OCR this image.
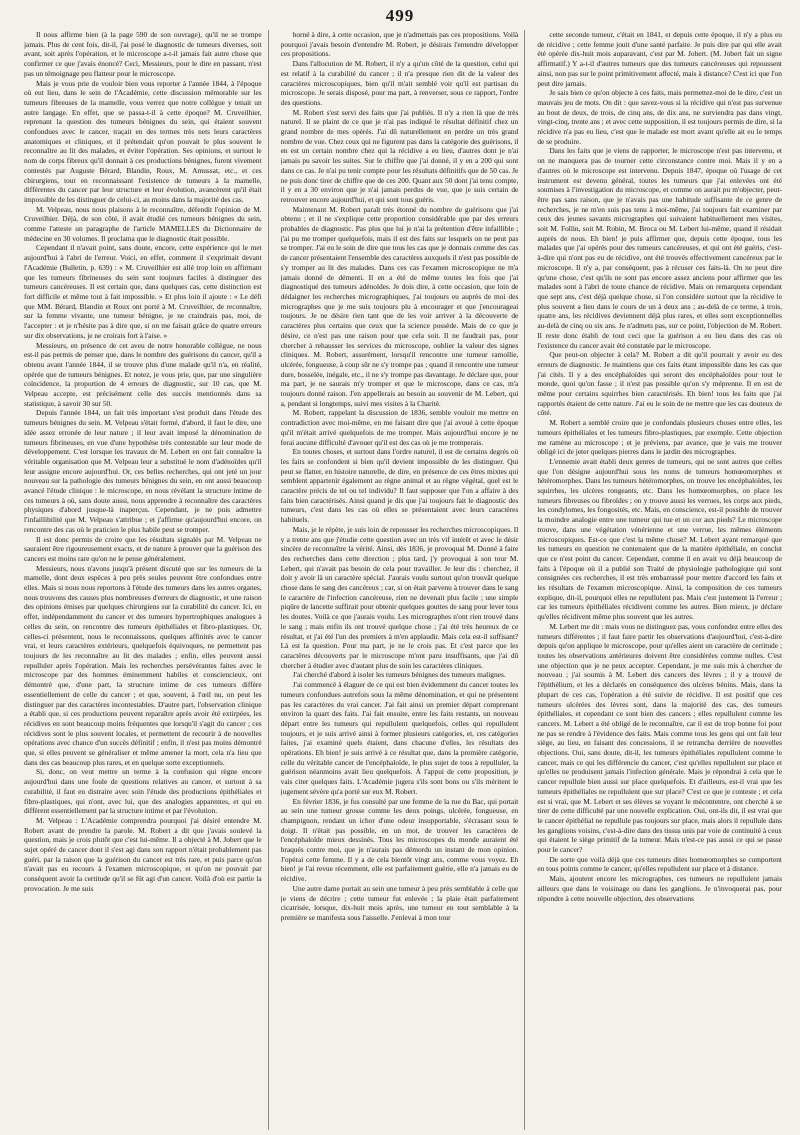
499

Il nous affirme bien (à la page 590 de son ouvrage), qu'il ne se trompe jamais. Plus de cent fois, dit-il, j'ai posé le diagnostic de tumeurs diverses, soit avant, soit après l'opération, et le microscope a-t-il jamais fait autre chose que confirmer ce que j'avais énoncé? Ceci, Messieurs, pour le dire en passant, n'est pas un témoignage peu flatteur pour le microscope.

Mais je vous prie de vouloir bien vous reporter à l'année 1844, à l'époque où eut lieu, dans le sein de l'Académie, cette discussion mémorable sur les tumeurs fibreuses de la mamelle, vous verrez que notre collègue y tenait un autre langage. En effet, que se passa-t-il à cette époque? M. Cruveilhier, reprenant la question des tumeurs bénignes du sein, qui étaient souvent confondues avec le cancer, traçait en des termes très nets leurs caractères anatomiques et cliniques, et il prétendait qu'on pouvait le plus souvent le reconnaître au lit des malades, et éviter l'opération. Ses opinions, et surtout le nom de corps fibreux qu'il donnait à ces productions bénignes, furent vivement contestés par Auguste Bérard, Blandin, Roux, M. Amussat, etc., et ces chirurgiens, tout en reconnaissant l'existence de tumeurs à la mamelle, différentes du cancer par leur structure et leur évolution, avancèrent qu'il était impossible de les distinguer de celui-ci, au moins dans la majorité des cas.

M. Velpeau, nous nous plaisons à le reconnaître, défendit l'opinion de M. Cruveilhier. Déjà, de son côté, il avait étudié ces tumeurs bénignes du sein, comme l'atteste un paragraphe de l'article MAMELLES du Dictionnaire de médecine en 30 volumes. Il proclama que le diagnostic était possible.

Cependant il n'avait point, sans doute, encore, cette expérience qui le met aujourd'hui à l'abri de l'erreur. Voici, en effet, comment il s'exprimait devant l'Académie (Bulletin, p. 639) : « M. Cruveilhier est allé trop loin en affirmant que les tumeurs fibrineuses du sein sont toujours faciles à distinguer des tumeurs cancéreuses. Il est certain que, dans quelques cas, cette distinction est fort difficile et même tout à fait impossible. » Et plus loin il ajoute : « Le défi que MM. Bérard, Blandin et Roux ont porté à M. Cruveilhier, de reconnaître, sur la femme vivante, une tumeur bénigne, je ne craindrais pas, moi, de l'accepter : et je n'hésite pas à dire que, si on me faisait grâce de quatre erreurs sur dix observations, je ne croirais fort à l'aise. »

Messieurs, en présence de cet aveu de notre honorable collègue, ne nous est-il pas permis de penser que, dans le nombre des guérisons du cancer, qu'il a obtenu avant l'année 1844, il se trouve plus d'une malade qu'il n'a, en réalité, opérée que de tumeurs bénignes. Et notez, je vous prie, que, par une singulière coïncidence, la proportion de 4 erreurs de diagnostic, sur 10 cas, que M. Velpeau accepte, est précisément celle des succès mentionnés dans sa statistique, à savoir 30 sur 50.

Depuis l'année 1844, un fait très important s'est produit dans l'étude des tumeurs bénignes du sein. M. Velpeau s'était formé, d'abord, il faut le dire, une idée assez erronée de leur nature ; il leur avait imposé la dénomination de tumeurs fibrineuses, en vue d'une hypothèse très contestable sur leur mode de développement. C'est lorsque les travaux de M. Lebert en ont fait connaître la véritable organisation que M. Velpeau leur a substitué le nom d'adénoïdes qu'il leur assigne encore aujourd'hui. Or, ces belles recherches, qui ont jeté un jour nouveau sur la pathologie des tumeurs bénignes du sein, en ont aussi beaucoup avancé l'étude clinique : le microscope, en nous révélant la structure intime de ces tumeurs à où, sans doute aussi, nous apprendre à reconnaître des caractères physiques d'abord jusque-là inaperçus. Cependant, je ne puis admettre l'infaillibilité que M. Velpeau s'attribue ; et j'affirme qu'aujourd'hui encore, on rencontre des cas où le praticien le plus habile peut se tromper.

Il est donc permis de croire que les résultats signalés par M. Velpeau ne sauraient être rigoureusement exacts, et de nature à prouver que la guérison des cancers est moins rare qu'on ne le pense généralement.

Messieurs, nous n'avons jusqu'à présent discuté que sur les tumeurs de la mamelle, dont deux espèces à peu près seules peuvent être confondues entre elles. Mais si nous nous reportons à l'étude des tumeurs dans les autres organes, nous trouvons des causes plus nombreuses d'erreurs de diagnostic, et une raison des opinions émises par quelques chirurgiens sur la curabilité du cancer. Ici, en effet, indépendamment du cancer et des tumeurs hypertrophiques analogues à celles du sein, on rencontre des tumeurs épithéliales et fibro-plastiques. Or, celles-ci présentent, nous le reconnaissons, quelques affinités avec le cancer vrai, et leurs caractères extérieurs, quelquefois équivoques, ne permettent pas toujours de les reconnaître au lit des malades ; enfin, elles peuvent aussi repulluler après l'opération. Mais les recherches persévérantes faites avec le microscope par des hommes éminemment habiles et consciencieux, ont démontré que, d'une part, la structure intime de ces tumeurs diffère essentiellement de celle du cancer ; et que, souvent, à l'œil nu, on peut les distinguer par des caractères incontestables. D'autre part, l'observation clinique a établi que, si ces productions peuvent reparaître après avoir été extirpées, les récidives en sont beaucoup moins fréquentes que lorsqu'il s'agit du cancer ; ces récidives sont le plus souvent locales, et permettent de recourir à de nouvelles opérations avec chance d'un succès définitif ; enfin, il n'est pas moins démontré que, si elles peuvent se généraliser et même amener la mort, cela n'a lieu que dans des cas beaucoup plus rares, et en quelque sorte exceptionnels.

Si, donc, on veut mettre un terme à la confusion qui règne encore aujourd'hui dans une foule de questions relatives au cancer, et surtout à sa curabilité, il faut en distraire avec soin l'étude des productions épithéliales et fibro-plastiques, qui n'ont, avec lui, que des analogies apparentes, et qui en diffèrent essentiellement par la structure intime et par l'évolution.

M. Velpeau : L'Académie comprendra pourquoi j'ai désiré entendre M. Robert avant de prendre la parole. M. Robert a dit que j'avais soulevé la question, mais je crois plutôt que c'est lui-même. Il a objecté à M. Jobert que le sujet opéré de cancer dont il s'est agi dans son rapport n'était probablement pas guéri, par la raison que la guérison du cancer est très rare, et puis parce qu'on n'avait pas eu recours à l'examen microscopique, et qu'on ne pouvait par conséquent avoir la certitude qu'il se fût agi d'un cancer. Voilà d'où est partie la provocation. Je me suis

borné à dire, à cette occasion, que je n'admettais pas ces propositions. Voilà pourquoi j'avais besoin d'entendre M. Robert, je désirais l'entendre développer ces propositions.

Dans l'allocution de M. Robert, il n'y a qu'un côté de la question, celui qui est relatif à la curabilité du cancer ; il n'a presque rien dit de la valeur des caractères microscopiques, bien qu'il m'ait semblé voir qu'il est partisan du microscope. Je serais disposé, pour ma part, à renverser, sous ce rapport, l'ordre des questions.

M. Robert s'est servi des faits que j'ai publiés. Il n'y a rien là que de très naturel. Il se plaint de ce que je n'ai pas indiqué le résultat définitif chez un grand nombre de mes opérés. J'ai dû naturellement en perdre un très grand nombre de vue. Chez ceux qui ne figurent pas dans la catégorie des guérisons, il en est un certain nombre chez qui la récidive a eu lieu, d'autres dont je n'ai jamais pu savoir les suites. Sur le chiffre que j'ai donné, il y en a 200 qui sont dans ce cas. Je n'ai pu tenir compte pour les résultats définitifs que de 50 cas. Je ne puis donc tirer de chiffre que de ces 200. Quant aux 50 dont j'ai tenu compte, il y en a 30 environ que je n'ai jamais perdus de vue, que je suis certain de retrouver encore aujourd'hui, et qui sont tous guéris.

Maintenant M. Robert paraît très étonné du nombre de guérisons que j'ai obtenu ; et il ne s'explique cette proportion considérable que par des erreurs probables de diagnostic. Pas plus que lui je n'ai la prétention d'être infaillible ; j'ai pu me tromper quelquefois, mais il est des faits sur lesquels on ne peut pas se tromper. J'ai eu le soin de dire que tous les cas que je donnais comme des cas de cancer présentaient l'ensemble des caractères auxquels il n'est pas possible de s'y tromper au lit des malades. Dans ces cas l'examen microscopique ne m'a jamais donné de démenti. Il en a été de même toutes les fois que j'ai diagnostiqué des tumeurs adénoïdes. Je dois dire, à cette occasion, que loin de dédaigner les recherches micrographiques, j'ai toujours eu auprès de moi des micrographes que je me suis toujours plu à encourager et que j'encourageai toujours. Je ne désire rien tant que de les voir arriver à la découverte de caractères plus certains que ceux que la science possède. Mais de ce que je désire, ce n'est pas une raison pour que cela soit. Il ne faudrait pas, pour chercher à rehausser les services du microscope, oublier la valeur des signes cliniques. M. Robert, assurément, lorsqu'il rencontre une tumeur ramollie, ulcérée, fongueuse, à coup sûr ne s'y trompe pas ; quand il rencontre une tumeur dure, bosselée, inégale, etc., il ne s'y trompe pas davantage. Je déclare que, pour ma part, je ne saurais m'y tromper et que le microscope, dans ce cas, m'a toujours donné raison. J'en appellerais au besoin au souvenir de M. Lebert, qui a, pendant si longtemps, suivi mes visites à la Charité.

M. Robert, rappelant la discussion de 1836, semble vouloir me mettre en contradiction avec moi-même, en me faisant dire que j'ai avoué à cette époque qu'il m'était arrivé quelquefois de me tromper. Mais aujourd'hui encore je ne ferai aucune difficulté d'avouer qu'il est des cas où je me tromperais.

En toutes choses, et surtout dans l'ordre naturel, il est de certains degrés où les faits se confondent si bien qu'il devient impossible de les distinguer. Qui peut se flatter, en histoire naturelle, de dire, en présence de ces êtres mixtes qui semblent appartenir également au règne animal et au règne végétal, quel est le caractère précis de tel ou tel individu? Il faut supposer que l'on a affaire à des faits bien caractérisés. Ainsi quand je dis que j'ai toujours fait le diagnostic des tumeurs, c'est dans les cas où elles se présentaient avec leurs caractères habituels.

Mais, je le répète, je suis loin de repousser les recherches microscopiques. Il y a trente ans que j'étudie cette question avec un très vif intérêt et avec le désir sincère de reconnaître la vérité. Ainsi, dès 1836, je provoquai M. Donné à faire des recherches dans cette direction ; plus tard, j'y provoquai à son tour M. Lebert, qui n'avait pas besoin de cela pour travailler. Je leur dis : cherchez, il doit y avoir là un caractère spécial. J'aurais voulu surtout qu'on trouvât quelque chose dans le sang des cancéreux ; car, si on était parvenu à trouver dans le sang le caractère de l'infection cancéreuse, rien ne devenait plus facile ; une simple piqûre de lancette suffirait pour obtenir quelques gouttes de sang pour lever tous les doutes. Voilà ce que j'aurais voulu. Les micrographes n'ont rien trouvé dans le sang ; mais enfin ils ont trouvé quelque chose ; j'ai été très heureux de ce résultat, et j'ai été l'un des premiers à m'en applaudir. Mais cela est-il suffisant? Là est la question. Pour ma part, je ne le crois pas. Et c'est parce que les caractères découverts par le microscope m'ont paru insuffisants, que j'ai dû chercher à étudier avec d'autant plus de soin les caractères cliniques.

J'ai cherché d'abord à isoler les tumeurs bénignes des tumeurs malignes.

J'ai commencé à élaguer de ce qui est bien évidemment du cancer toutes les tumeurs confondues autrefois sous la même dénomination, et qui ne présentent pas les caractères du vrai cancer. J'ai fait ainsi un premier départ comprenant environ la quart des faits. J'ai fait ensuite, entre les faits restants, un nouveau départ entre les tumeurs qui repullulent quelquefois, celles qui repullulent toujours, et je suis arrivé ainsi à former plusieurs catégories, et, ces catégories faites, j'ai examiné quels étaient, dans chacune d'elles, les résultats des opérations. Eh bien! je suis arrivé à ce résultat que, dans la première catégorie, celle du véritable cancer de l'encéphaloïde, le plus sujet de tous à repulluler, la guérison néanmoins avait lieu quelquefois. À l'appui de cette proposition, je vais citer quelques faits. L'Académie jugera s'ils sont bons ou s'ils méritent le jugement sévère qu'a porté sur eux M. Robert.

En février 1836, je fus consulté par une femme de la rue du Bac, qui portait au sein une tumeur grosse comme les deux poings, ulcérée, fongueuse, en champignon, rendant un ichor d'une odeur insupportable, s'écrasant sous le doigt. Il n'était pas possible, en un mot, de trouver les caractères de l'encéphaloïde mieux dessinés. Tous les microscopes du monde auraient été braqués contre moi, que je n'aurais pas démordu un instant de mon opinion. J'opérai cette femme. Il y a de cela bientôt vingt ans, comme vous voyez. Eh bien! je l'ai revue récemment, elle est parfaitement guérie, elle n'a jamais eu de récidive.

Une autre dame portait au sein une tumeur à peu près semblable à celle que je viens de décrire ; cette tumeur fut enlevée ; la plaie était parfaitement cicatrisée, lorsque, dix-huit mois après, une tumeur en tout semblable à la première se manifesta sous l'aisselle. J'enlevai à mon tour

cette seconde tumeur, c'était en 1841, et depuis cette époque, il n'y a plus eu de récidive ; cette femme jouit d'une santé parfaite. Je puis dire par qui elle avait été opérée dix-huit mois auparavant, c'est par M. Jobert. (M. Jobert fait un signe affirmatif.) Y a-t-il d'autres tumeurs que des tumeurs cancéreuses qui repoussent ainsi, non pas sur le point primitivement affecté, mais à distance? C'est ici que l'on peut dire jamais.

Je sais bien ce qu'on objecte à ces faits, mais permettez-moi de le dire, c'est un mauvais jeu de mots. On dit : que savez-vous si la récidive qui n'est pas survenue au bout de deux, de trois, de cinq ans, de dix ans, ne surviendra pas dans vingt, vingt-cinq, trente ans ; et avec cette supposition, il est toujours permis de dire, si la récidive n'a pas eu lieu, c'est que le malade est mort avant qu'elle ait eu le temps de se produire.

Dans les faits que je viens de rapporter, le microscope n'est pas intervenu, et on ne manquera pas de tourner cette circonstance contre moi. Mais il y en a d'autres où le microscope est intervenu. Depuis 1847, époque où l'usage de cet instrument est devenu général, toutes les tumeurs que j'ai enlevées ont été soumises à l'investigation du microscope, et comme on aurait pu m'objecter, peut-être pas sans raison, que je n'avais pas une habitude suffisante de ce genre de recherches, je ne m'en suis pas tenu à moi-même, j'ai toujours fait examiner par ceux des jeunes savants micrographes qui suivaient habituellement mes visites, soit M. Follin, soit M. Robin, M. Broca ou M. Lebert lui-même, quand il résidait auprès de nous. Eh bien! je puis affirmer que, depuis cette époque, tous les malades que j'ai opérés pour des tumeurs cancéreuses, et qui ont été guéris, c'est-à-dire qui n'ont pas eu de récidive, ont été trouvés effectivement cancéreux par le microscope. Il n'y a, par conséquent, pas à récuser ces faits-là. On ne peut dire qu'une chose, c'est qu'ils ne sont pas encore assez anciens pour affirmer que les malades sont à l'abri de toute chance de récidive. Mais on remarquera cependant que sept ans, c'est déjà quelque chose, si l'on considère surtout que la récidive le plus souvent a lieu dans le cours de un à deux ans ; au-delà de ce terme, à trois, quatre ans, les récidives deviennent déjà plus rares, et elles sont exceptionnelles au-delà de cinq ou six ans. Je n'admets pas, sur ce point, l'objection de M. Robert. Il reste donc établi de tout ceci que la guérison a eu lieu dans des cas où l'existence du cancer avait été constatée par le microscope.

Que peut-on objecter à cela? M. Robert a dit qu'il pourrait y avoir eu des erreurs de diagnostic. Je maintiens que ces faits étant impossible dans les cas que j'ai cités. Il y a des encéphaloïdes qui seront des encéphaloïdes pour tout le monde, quoi qu'on fasse ; il n'est pas possible qu'on s'y méprenne. Il en est de même pour certains squirrhes bien caractérisés. Eh bien! tous les faits que j'ai rapportés étaient de cette nature. J'ai eu le soin de ne mettre que les cas douteux de côté.

M. Robert a semblé croire que je confondais plusieurs choses entre elles, les tumeurs épithéliales et les tumeurs fibro-plastiques, par exemple. Cette objection me ramène au microscope ; et je préviens, par avance, que je vais me trouver obligé ici de jeter quelques pierres dans le jardin des micrographes.

L'ennemie avait établi deux genres de tumeurs, qui ne sont autres que celles que l'on désigne aujourd'hui sous les noms de tumeurs homœomorphes et hétéromorphes. Dans les tumeurs hétéromorphes, on trouve les encéphaloïdes, les squirrhes, les ulcères rongeants, etc. Dans les homœomorphes, on place les tumeurs fibreuses ou fibroïdes ; on y trouve aussi les verrues, les corps aux pieds, les condylomes, les fongosités, etc. Mais, en conscience, est-il possible de trouver la moindre analogie entre une tumeur qui tue et un cor aux pieds? Le microscope trouve, dans une végétation vénérienne et une verrue, les mêmes éléments microscopiques. Est-ce que c'est la même chose? M. Lebert ayant remarqué que les tumeurs en question ne contenaient que de la matière épithéliale, en conclut que ce n'est point du cancer. Cependant, comme il en avait vu déjà beaucoup de faits à l'époque où il a publié son Traité de physiologie pathologique qui sont consignées ces recherches, il est très embarrassé pour mettre d'accord les faits et les résultats de l'examen microscopique. Ainsi, la composition de ces tumeurs explique, dit-il, pourquoi elles ne repullulent pas. Mais c'est justement là l'erreur ; car les tumeurs épithéliales récidivent comme les autres. Bien mieux, je déclare qu'elles récidivent même plus souvent que les autres.

M. Lebert me dit : mais vous ne distinguez pas, vous confondez entre elles des tumeurs différentes ; il faut faire partir les observations d'aujourd'hui, c'est-à-dire depuis qu'on applique le microscope, pour qu'elles aient un caractère de certitude ; toutes les observations antérieures doivent être considérées comme nulles. C'est une objection que je ne peux accepter. Cependant, je me suis mis à chercher de nouveau ; j'ai soumis à M. Lebert des cancers des lèvres ; il y a trouvé de l'épithélium, et les a déclarés en conséquence des ulcères bénins. Mais, dans la plupart de ces cas, l'opération a été suivie de récidive. Il est positif que ces tumeurs ulcérées des lèvres sont, dans la majorité des cas, des tumeurs épithéliales, et cependant ce sont bien des cancers ; elles repullulent comme les cancers. M. Lebert a été obligé de le reconnaître, car il est de trop bonne foi pour ne pas se rendre à l'évidence des faits. Mais comme tous les gens qui ont fait leur siège, au lieu, en faisant des concessions, il se retrancha derrière de nouvelles objections. Oui, sans doute, dit-il, les tumeurs épithéliales repullulent comme le cancer, mais ce qui les différencie du cancer, c'est qu'elles repullulent sur place et qu'elles ne produisent jamais l'infection générale. Mais je répondrai à cela que le cancer repullule bien aussi sur place quelquefois. Et d'ailleurs, est-il vrai que les tumeurs épithéliales ne repullulent que sur place? C'est ce que je conteste ; et cela est si vrai, que M. Lebert et ses élèves se voyant le mécontentre, ont cherché à se tirer de cette difficulté par une nouvelle explication. Oui, ont-ils dit, il est vrai que le cancer épithélial ne repullule pas toujours sur place, mais alors il repullule dans les ganglions voisins, c'est-à-dire dans des tissus unis par voie de continuité à ceux qui étaient le siège primitif de la tumeur. Mais n'est-ce pas aussi ce qui se passe pour le cancer?

De sorte que voilà déjà que ces tumeurs dites homœomorphes se comportent en tous points comme le cancer, qu'elles repullulent sur place et à distance.

Mais, ajoutent encore les micrographes, ces tumeurs ne repullulent jamais ailleurs que dans le voisinage ou dans les ganglions. Je n'invoquerai pas, pour répondre à cette nouvelle objection, des observations
